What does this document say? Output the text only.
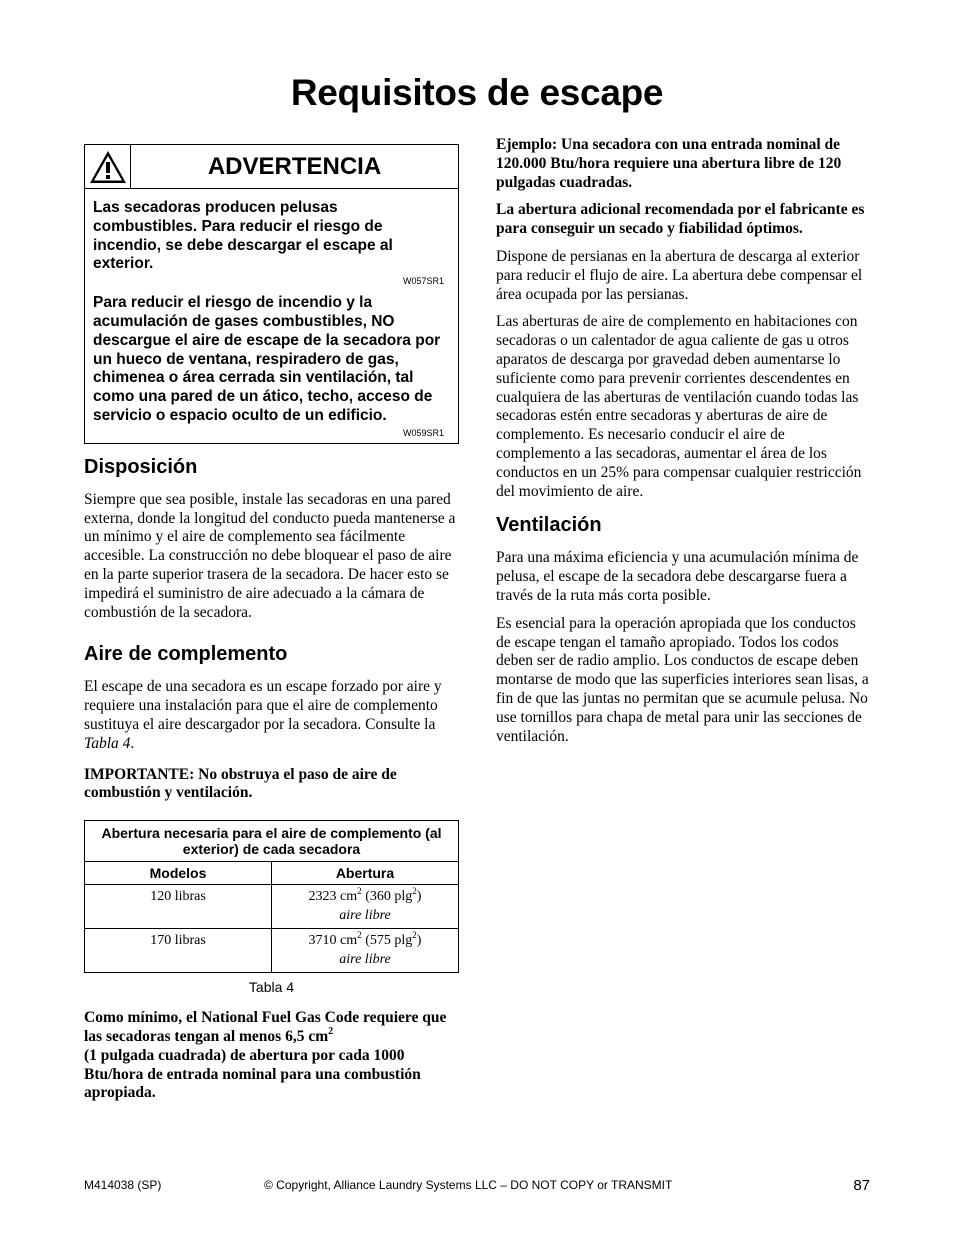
Requisitos de escape
ADVERTENCIA

Las secadoras producen pelusas combustibles. Para reducir el riesgo de incendio, se debe descargar el escape al exterior.

W057SR1

Para reducir el riesgo de incendio y la acumulación de gases combustibles, NO descargue el aire de escape de la secadora por un hueco de ventana, respiradero de gas, chimenea o área cerrada sin ventilación, tal como una pared de un ático, techo, acceso de servicio o espacio oculto de un edificio.

W059SR1
Disposición

Siempre que sea posible, instale las secadoras en una pared externa, donde la longitud del conducto pueda mantenerse a un mínimo y el aire de complemento sea fácilmente accesible. La construcción no debe bloquear el paso de aire en la parte superior trasera de la secadora. De hacer esto se impedirá el suministro de aire adecuado a la cámara de combustión de la secadora.

Aire de complemento

El escape de una secadora es un escape forzado por aire y requiere una instalación para que el aire de complemento sustituya el aire descargador por la secadora. Consulte la Tabla 4.

IMPORTANTE: No obstruya el paso de aire de combustión y ventilación.

Abertura necesaria para el aire de complemento (al exterior) de cada secadora	
Modelos	Abertura
120 libras	2323 $cm^2$ (360 plg$^2$)
aire libre
170 libras	3710 $cm^2$ (575 plg$^2$)
aire libre
Tabla 4

Como mínimo, el National Fuel Gas Code requiere que las secadoras tengan al menos 6,5 $cm^2$
(1 pulgada cuadrada) de abertura por cada 1000 Btu/hora de entrada nominal para una combustión apropiada.

Ejemplo: Una secadora con una entrada nominal de 120.000 Btu/hora requiere una abertura libre de 120 pulgadas cuadradas.

La abertura adicional recomendada por el fabricante es para conseguir un secado y fiabilidad óptimos.

Dispone de persianas en la abertura de descarga al exterior para reducir el flujo de aire. La abertura debe compensar el área ocupada por las persianas.

Las aberturas de aire de complemento en habitaciones con secadoras o un calentador de agua caliente de gas u otros aparatos de descarga por gravedad deben aumentarse lo suficiente como para prevenir corrientes descendentes en cualquiera de las aberturas de ventilación cuando todas las secadoras estén entre secadoras y aberturas de aire de complemento. Es necesario conducir el aire de complemento a las secadoras, aumentar el área de los conductos en un 25% para compensar cualquier restricción del movimiento de aire.

Ventilación

Para una máxima eficiencia y una acumulación mínima de pelusa, el escape de la secadora debe descargarse fuera a través de la ruta más corta posible.

Es esencial para la operación apropiada que los conductos de escape tengan el tamaño apropiado. Todos los codos deben ser de radio amplio. Los conductos de escape deben montarse de modo que las superficies interiores sean lisas, a fin de que las juntas no permitan que se acumule pelusa. No use tornillos para chapa de metal para unir las secciones de ventilación.

M414038 (SP)	© Copyright, Alliance Laundry Systems LLC – DO NOT COPY or TRANSMIT	87
